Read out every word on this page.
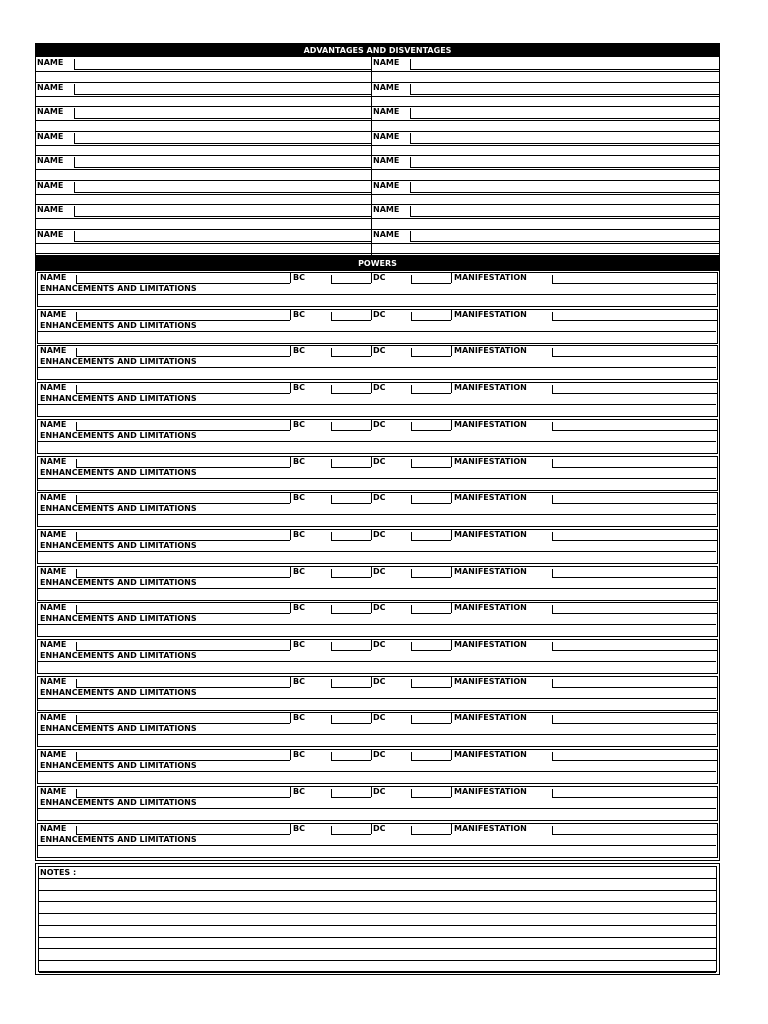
ADVANTAGES AND DISVENTAGES
NAME	NAME
NAME	NAME
NAME	NAME
NAME	NAME
NAME	NAME
NAME	NAME
NAME	NAME
NAME	NAME
POWERS
NAME	BC	DC	MANIFESTATION
ENHANCEMENTS AND LIMITATIONS
NAME	BC	DC	MANIFESTATION
ENHANCEMENTS AND LIMITATIONS
NAME	BC	DC	MANIFESTATION
ENHANCEMENTS AND LIMITATIONS
NAME	BC	DC	MANIFESTATION
ENHANCEMENTS AND LIMITATIONS
NAME	BC	DC	MANIFESTATION
ENHANCEMENTS AND LIMITATIONS
NAME	BC	DC	MANIFESTATION
ENHANCEMENTS AND LIMITATIONS
NAME	BC	DC	MANIFESTATION
ENHANCEMENTS AND LIMITATIONS
NAME	BC	DC	MANIFESTATION
ENHANCEMENTS AND LIMITATIONS
NAME	BC	DC	MANIFESTATION
ENHANCEMENTS AND LIMITATIONS
NAME	BC	DC	MANIFESTATION
ENHANCEMENTS AND LIMITATIONS
NAME	BC	DC	MANIFESTATION
ENHANCEMENTS AND LIMITATIONS
NAME	BC	DC	MANIFESTATION
ENHANCEMENTS AND LIMITATIONS
NAME	BC	DC	MANIFESTATION
ENHANCEMENTS AND LIMITATIONS
NAME	BC	DC	MANIFESTATION
ENHANCEMENTS AND LIMITATIONS
NAME	BC	DC	MANIFESTATION
ENHANCEMENTS AND LIMITATIONS
NAME	BC	DC	MANIFESTATION
ENHANCEMENTS AND LIMITATIONS
NOTES :
